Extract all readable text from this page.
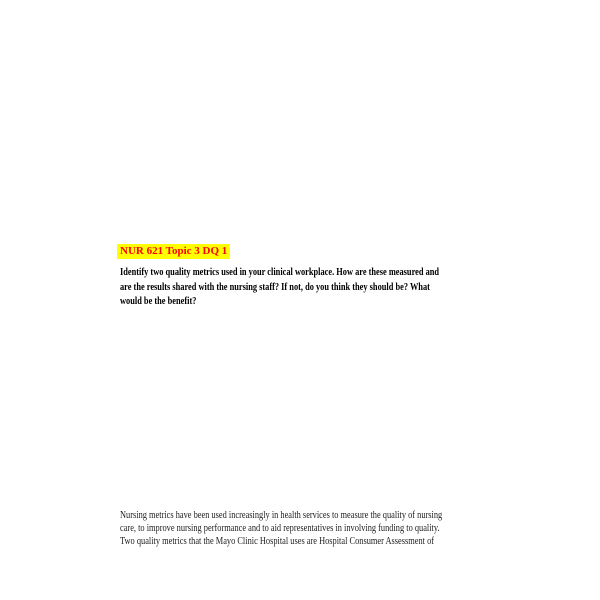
NUR 621 Topic 3 DQ 1
Identify two quality metrics used in your clinical workplace. How are these measured and
are the results shared with the nursing staff? If not, do you think they should be? What
would be the benefit?
Nursing metrics have been used increasingly in health services to measure the quality of nursing
care, to improve nursing performance and to aid representatives in involving funding to quality.
Two quality metrics that the Mayo Clinic Hospital uses are Hospital Consumer Assessment of
